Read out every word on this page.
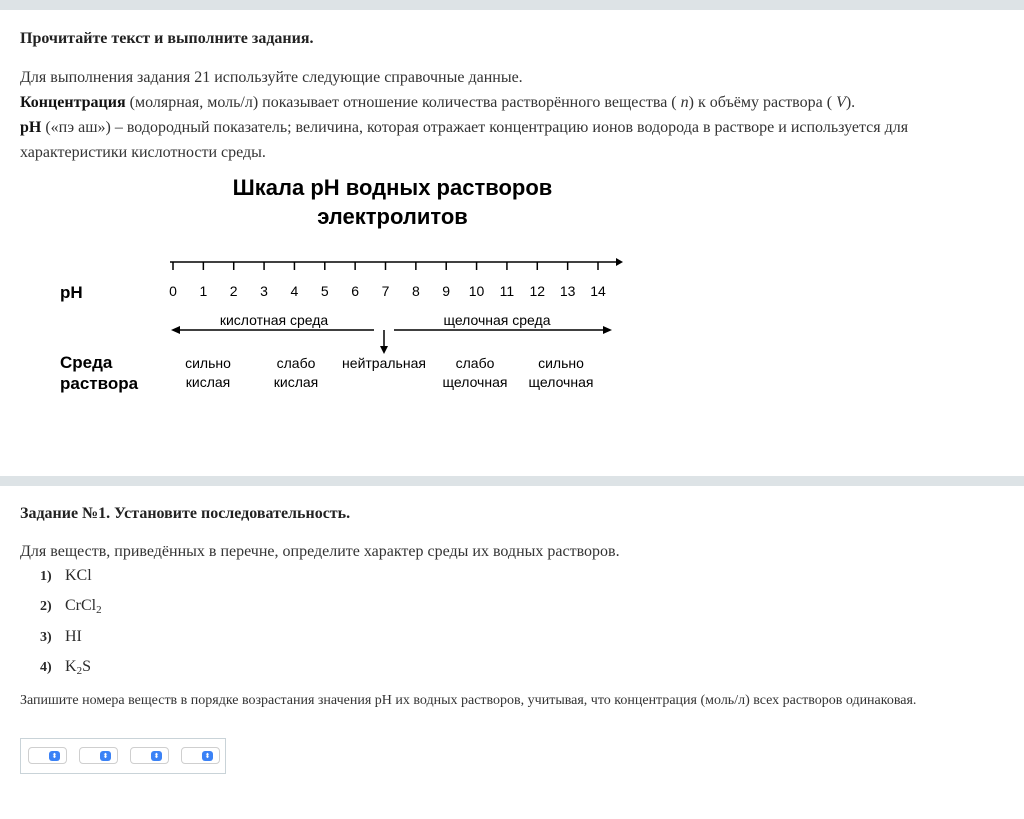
Прочитайте текст и выполните задания.
Для выполнения задания 21 используйте следующие справочные данные.
Концентрация (молярная, моль/л) показывает отношение количества растворённого вещества ( n) к объёму раствора ( V).
pH («пэ аш») – водородный показатель; величина, которая отражает концентрацию ионов водорода в растворе и используется для характеристики кислотности среды.
Шкала pH водных растворов
электролитов
pH
Среда
раствора
0 1 2 3 4 5 6 7 8 9 10 11 12 13 14
кислотная среда	щелочная среда
сильно
кислая
слабо
кислая
нейтральная	слабо
щелочная
сильно
щелочная
Задание №1. Установите последовательность.
Для веществ, приведённых в перечне, определите характер среды их водных растворов.
1) KCl
2) CrCl$_2$
3) HI
4) $K_2S$
Запишите номера веществ в порядке возрастания значения pH их водных растворов, учитывая, что концентрация (моль/л) всех растворов одинаковая.
⬍	⬍	⬍	⬍
